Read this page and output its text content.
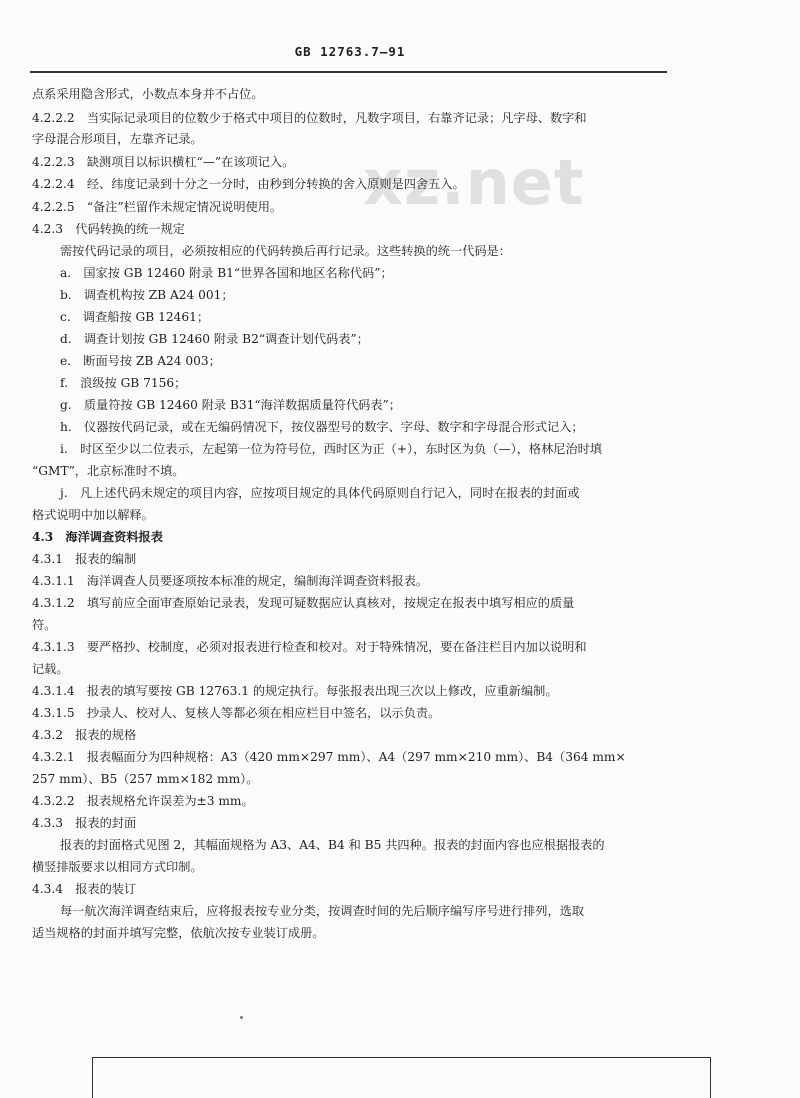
GB 12763.7—91
xz.net
点系采用隐含形式，小数点本身并不占位。
4.2.2.2　当实际记录项目的位数少于格式中项目的位数时，凡数字项目，右靠齐记录；凡字母、数字和
字母混合形项目，左靠齐记录。
4.2.2.3　缺测项目以标识横杠“—”在该项记入。
4.2.2.4　经、纬度记录到十分之一分时，由秒到分转换的舍入原则是四舍五入。
4.2.2.5　“备注”栏留作未规定情况说明使用。
4.2.3　代码转换的统一规定
需按代码记录的项目，必须按相应的代码转换后再行记录。这些转换的统一代码是：
a.　国家按 GB 12460 附录 B1“世界各国和地区名称代码”；
b.　调查机构按 ZB A24 001；
c.　调查船按 GB 12461；
d.　调查计划按 GB 12460 附录 B2“调查计划代码表”；
e.　断面号按 ZB A24 003；
f.　浪级按 GB 7156；
g.　质量符按 GB 12460 附录 B31“海洋数据质量符代码表”；
h.　仪器按代码记录，或在无编码情况下，按仪器型号的数字、字母、数字和字母混合形式记入；
i.　时区至少以二位表示，左起第一位为符号位，西时区为正（+），东时区为负（—），格林尼治时填
“GMT”，北京标准时不填。
j.　凡上述代码未规定的项目内容，应按项目规定的具体代码原则自行记入，同时在报表的封面或
格式说明中加以解释。
4.3　海洋调查资料报表
4.3.1　报表的编制
4.3.1.1　海洋调查人员要逐项按本标准的规定，编制海洋调查资料报表。
4.3.1.2　填写前应全面审查原始记录表，发现可疑数据应认真核对，按规定在报表中填写相应的质量
符。
4.3.1.3　要严格抄、校制度，必须对报表进行检查和校对。对于特殊情况，要在备注栏目内加以说明和
记载。
4.3.1.4　报表的填写要按 GB 12763.1 的规定执行。每张报表出现三次以上修改，应重新编制。
4.3.1.5　抄录人、校对人、复核人等都必须在相应栏目中签名，以示负责。
4.3.2　报表的规格
4.3.2.1　报表幅面分为四种规格：A3（420 mm×297 mm）、A4（297 mm×210 mm）、B4（364 mm×
257 mm）、B5（257 mm×182 mm）。
4.3.2.2　报表规格允许误差为±3 mm。
4.3.3　报表的封面
报表的封面格式见图 2，其幅面规格为 A3、A4、B4 和 B5 共四种。报表的封面内容也应根据报表的
横竖排版要求以相同方式印制。
4.3.4　报表的装订
每一航次海洋调查结束后，应将报表按专业分类，按调查时间的先后顺序编写序号进行排列，选取
适当规格的封面并填写完整，依航次按专业装订成册。
